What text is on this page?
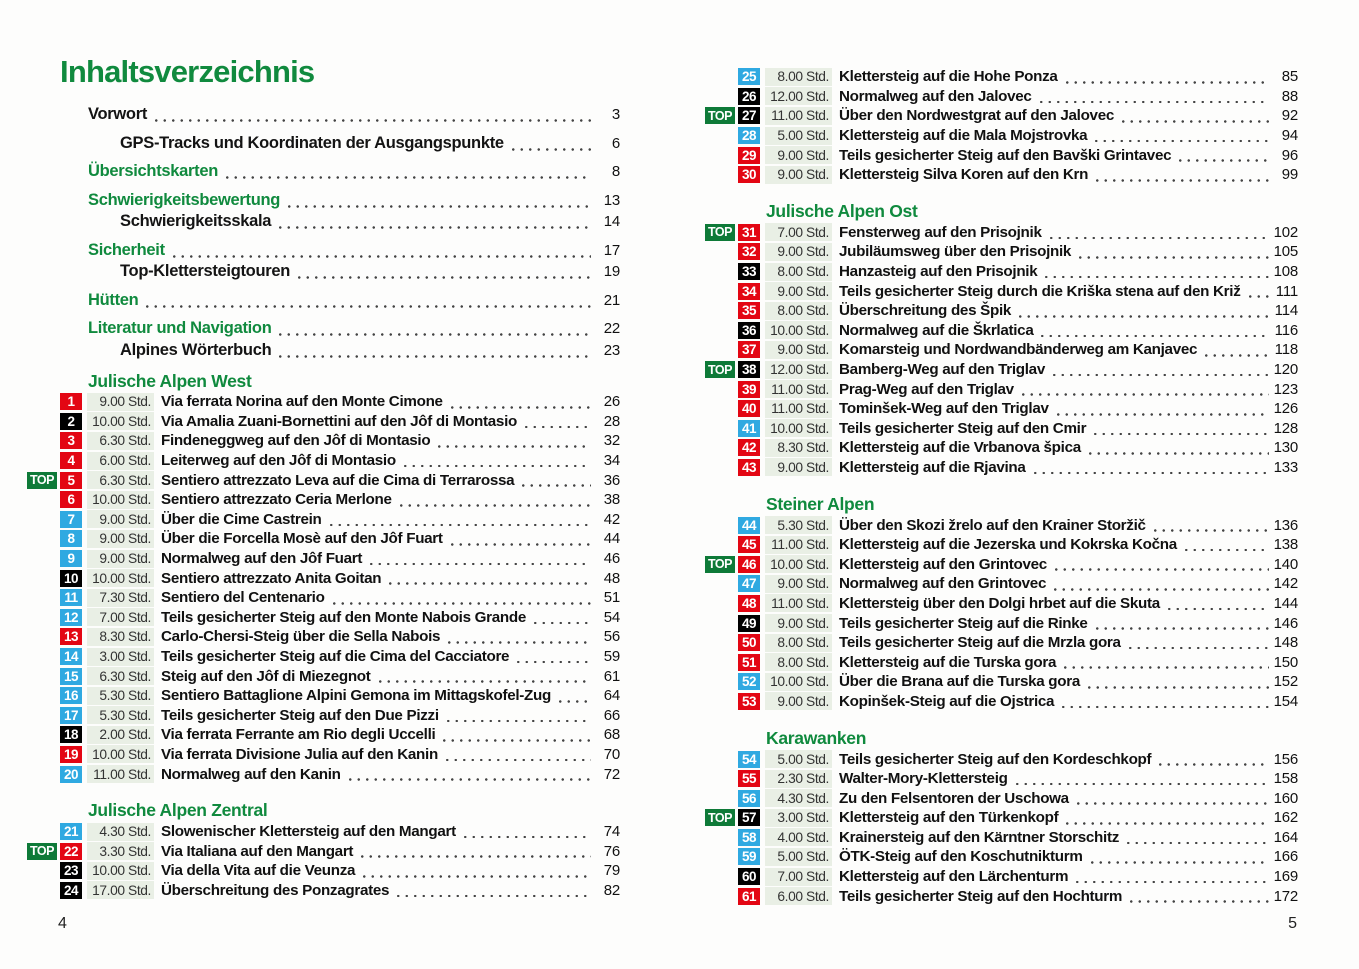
Inhaltsverzeichnis
Vorwort	3
GPS-Tracks und Koordinaten der Ausgangspunkte	6
Übersichtskarten	8
Schwierigkeitsbewertung	13
Schwierigkeitsskala	14
Sicherheit	17
Top-Klettersteigtouren	19
Hütten	21
Literatur und Navigation	22
Alpines Wörterbuch	23
Julische Alpen West
1	9.00 Std. Via ferrata Norina auf den Monte Cimone	26
2	10.00 Std. Via Amalia Zuani-Bornettini auf den Jôf di Montasio	28
3	6.30 Std. Findeneggweg auf den Jôf di Montasio	32
4	6.00 Std. Leiterweg auf den Jôf di Montasio	34
TOP	5	6.30 Std. Sentiero attrezzato Leva auf die Cima di Terrarossa	36
6	10.00 Std. Sentiero attrezzato Ceria Merlone	38
7	9.00 Std. Über die Cime Castrein	42
8	9.00 Std. Über die Forcella Mosè auf den Jôf Fuart	44
9	9.00 Std. Normalweg auf den Jôf Fuart	46
10	10.00 Std. Sentiero attrezzato Anita Goitan	48
11	7.30 Std. Sentiero del Centenario	51
12	7.00 Std. Teils gesicherter Steig auf den Monte Nabois Grande	54
13	8.30 Std. Carlo-Chersi-Steig über die Sella Nabois	56
14	3.00 Std. Teils gesicherter Steig auf die Cima del Cacciatore	59
15	6.30 Std. Steig auf den Jôf di Miezegnot	61
16	5.30 Std. Sentiero Battaglione Alpini Gemona im Mittagskofel-Zug	64
17	5.30 Std. Teils gesicherter Steig auf den Due Pizzi	66
18	2.00 Std. Via ferrata Ferrante am Rio degli Uccelli	68
19	10.00 Std. Via ferrata Divisione Julia auf den Kanin	70
20	11.00 Std. Normalweg auf den Kanin	72
Julische Alpen Zentral
21	4.30 Std. Slowenischer Klettersteig auf den Mangart	74
TOP 22	3.30 Std. Via Italiana auf den Mangart	76
23	10.00 Std. Via della Vita auf die Veunza	79
24	17.00 Std. Überschreitung des Ponzagrates	82
25	8.00 Std. Klettersteig auf die Hohe Ponza	85
26	12.00 Std. Normalweg auf den Jalovec	88
TOP 27	11.00 Std. Über den Nordwestgrat auf den Jalovec	92
28	5.00 Std. Klettersteig auf die Mala Mojstrovka	94
29	9.00 Std. Teils gesicherter Steig auf den Bavški Grintavec	96
30	9.00 Std. Klettersteig Silva Koren auf den Krn	99
Julische Alpen Ost
TOP 31	7.00 Std. Fensterweg auf den Prisojnik	102
32	9.00 Std. Jubiläumsweg über den Prisojnik	105
33	8.00 Std. Hanzasteig auf den Prisojnik	108
34	9.00 Std. Teils gesicherter Steig durch die Kriška stena auf den Križ 111
35	8.00 Std. Überschreitung des Špik	114
36	10.00 Std. Normalweg auf die Škrlatica	116
37	9.00 Std. Komarsteig und Nordwandbänderweg am Kanjavec	118
TOP 38	12.00 Std. Bamberg-Weg auf den Triglav	120
39	11.00 Std. Prag-Weg auf den Triglav	123
40	11.00 Std. Tominšek-Weg auf den Triglav	126
41	10.00 Std. Teils gesicherter Steig auf den Cmir	128
42	8.30 Std. Klettersteig auf die Vrbanova špica	130
43	9.00 Std. Klettersteig auf die Rjavina	133
Steiner Alpen
44	5.30 Std. Über den Skozi žrelo auf den Krainer Storžič	136
45	11.00 Std. Klettersteig auf die Jezerska und Kokrska Kočna	138
TOP 46	10.00 Std. Klettersteig auf den Grintovec	140
47	9.00 Std. Normalweg auf den Grintovec	142
48	11.00 Std. Klettersteig über den Dolgi hrbet auf die Skuta	144
49	9.00 Std. Teils gesicherter Steig auf die Rinke	146
50	8.00 Std. Teils gesicherter Steig auf die Mrzla gora	148
51	8.00 Std. Klettersteig auf die Turska gora	150
52	10.00 Std. Über die Brana auf die Turska gora	152
53	9.00 Std. Kopinšek-Steig auf die Ojstrica	154
Karawanken
54	5.00 Std. Teils gesicherter Steig auf den Kordeschkopf	156
55	2.30 Std. Walter-Mory-Klettersteig	158
56	4.30 Std. Zu den Felsentoren der Uschowa	160
TOP 57	3.00 Std. Klettersteig auf den Türkenkopf	162
58	4.00 Std. Krainersteig auf den Kärntner Storschitz	164
59	5.00 Std. ÖTK-Steig auf den Koschutnikturm	166
60	7.00 Std. Klettersteig auf den Lärchenturm	169
61	6.00 Std. Teils gesicherter Steig auf den Hochturm	172
4	5
